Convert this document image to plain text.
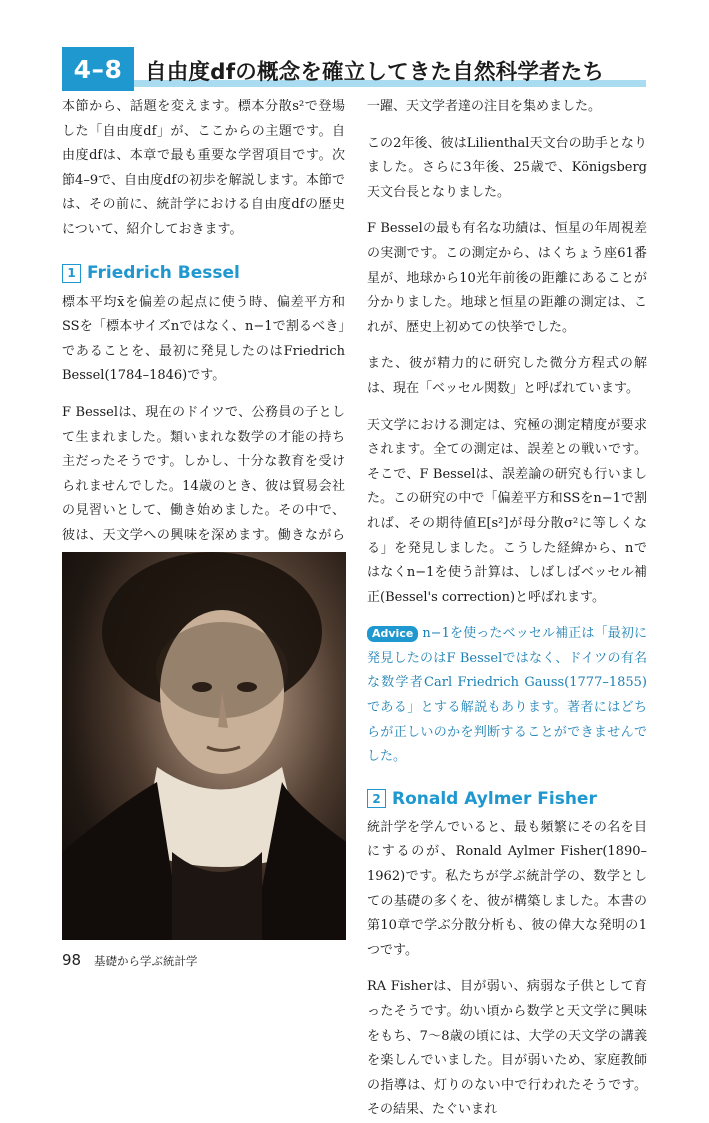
4–8	自由度dfの概念を確立してきた自然科学者たち

本節から、話題を変えます。標本分散s²で登場した「自由度df」が、ここからの主題です。自由度dfは、本章で最も重要な学習項目です。次節4–9で、自由度dfの初歩を解説します。本節では、その前に、統計学における自由度dfの歴史について、紹介しておきます。

1 Friedrich Bessel

標本平均x̄を偏差の起点に使う時、偏差平方和SSを「標本サイズnではなく、n−1で割るべき」であることを、最初に発見したのはFriedrich Bessel(1784–1846)です。

F Besselは、現在のドイツで、公務員の子として生まれました。類いまれな数学の才能の持ち主だったそうです。しかし、十分な教育を受けられませんでした。14歳のとき、彼は貿易会社の見習いとして、働き始めました。その中で、彼は、天文学への興味を深めます。働きながら

一躍、天文学者達の注目を集めました。

この2年後、彼はLilienthal天文台の助手となりました。さらに3年後、25歳で、Königsberg天文台長となりました。

F Besselの最も有名な功績は、恒星の年周視差の実測です。この測定から、はくちょう座61番星が、地球から10光年前後の距離にあることが分かりました。地球と恒星の距離の測定は、これが、歴史上初めての快挙でした。

また、彼が精力的に研究した微分方程式の解は、現在「ベッセル関数」と呼ばれています。

天文学における測定は、究極の測定精度が要求されます。全ての測定は、誤差との戦いです。そこで、F Besselは、誤差論の研究も行いました。この研究の中で「偏差平方和SSをn−1で割れば、その期待値E[s²]が母分散σ²に等しくなる」を発見しました。こうした経緯から、nではなくn−1を使う計算は、しばしばベッセル補正(Bessel's correction)と呼ばれます。

Advice n−1を使ったベッセル補正は「最初に発見したのはF Besselではなく、ドイツの有名な数学者Carl Friedrich Gauss(1777–1855)である」とする解説もあります。著者にはどちらが正しいのかを判断することができませんでした。

2 Ronald Aylmer Fisher

統計学を学んでいると、最も頻繁にその名を目にするのが、Ronald Aylmer Fisher(1890–1962)です。私たちが学ぶ統計学の、数学としての基礎の多くを、彼が構築しました。本書の第10章で学ぶ分散分析も、彼の偉大な発明の1つです。

RA Fisherは、目が弱い、病弱な子供として育ったそうです。幼い頃から数学と天文学に興味をもち、7〜8歳の頃には、大学の天文学の講義を楽しんでいました。目が弱いため、家庭教師の指導は、灯りのない中で行われたそうです。その結果、たぐいまれ

98 基礎から学ぶ統計学
